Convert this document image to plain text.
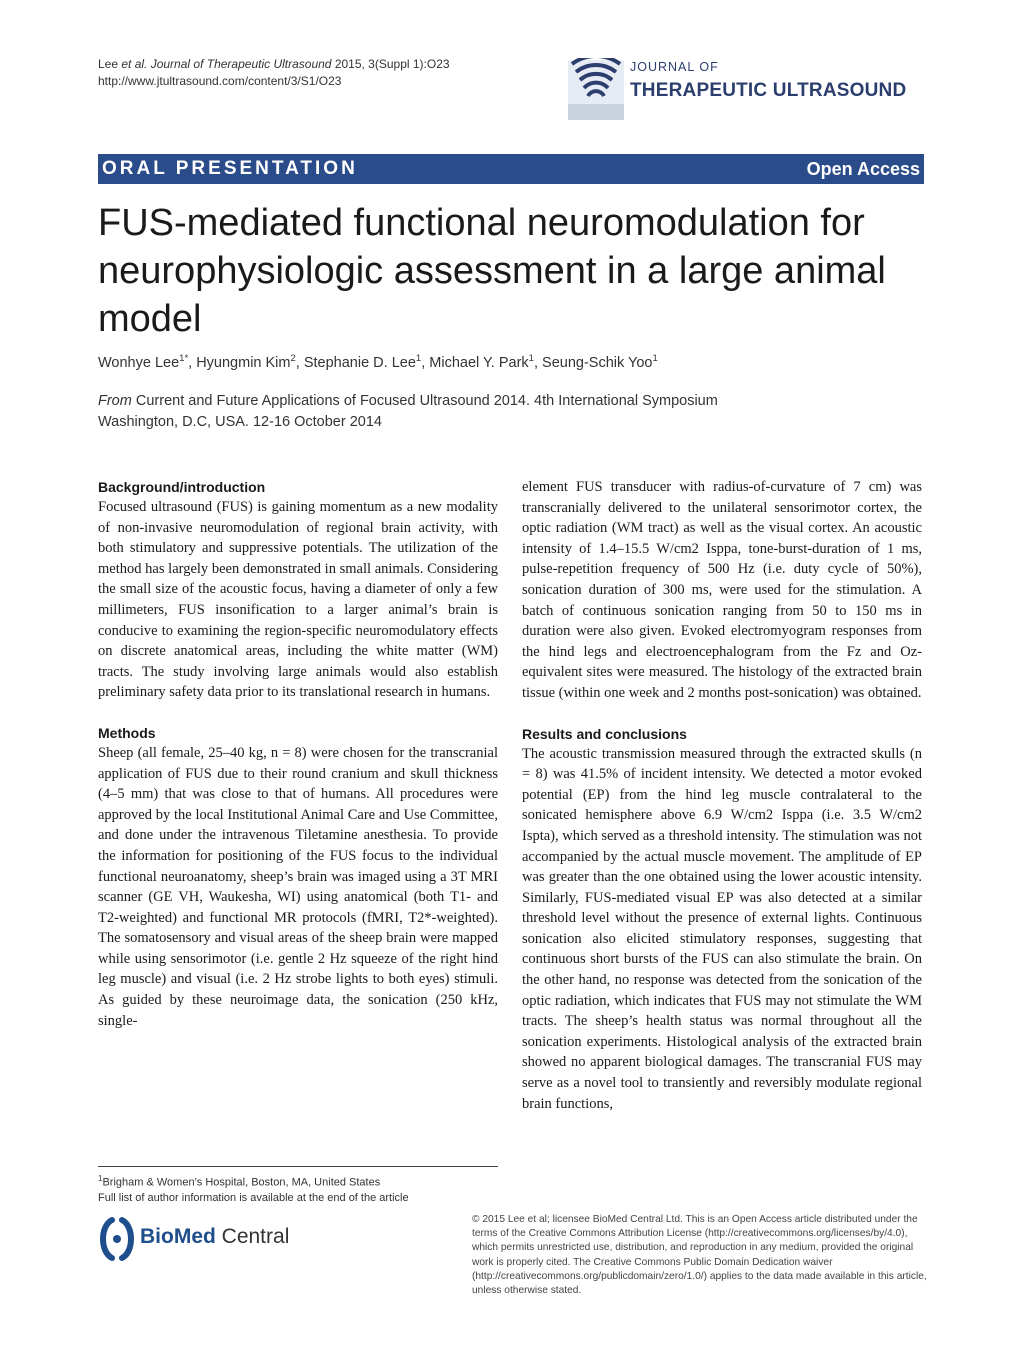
Lee et al. Journal of Therapeutic Ultrasound 2015, 3(Suppl 1):O23
http://www.jtultrasound.com/content/3/S1/O23
JOURNAL OF
THERAPEUTIC ULTRASOUND
ORAL PRESENTATION	Open Access
FUS-mediated functional neuromodulation for
neurophysiologic assessment in a large animal
model
Wonhye Lee$^{1*}$, Hyungmin Kim$^2$, Stephanie D. Lee$^1$, Michael Y. Park$^1$, Seung-Schik Yoo$^1$
From Current and Future Applications of Focused Ultrasound 2014. 4th International Symposium
Washington, D.C, USA. 12-16 October 2014
Background/introduction

Focused ultrasound (FUS) is gaining momentum as a new modality of non-invasive neuromodulation of regional brain activity, with both stimulatory and suppressive potentials. The utilization of the method has largely been demonstrated in small animals. Considering the small size of the acoustic focus, having a diameter of only a few millimeters, FUS insonification to a larger animal’s brain is conducive to examining the region-specific neuromodulatory effects on discrete anatomical areas, including the white matter (WM) tracts. The study involving large animals would also establish preliminary safety data prior to its translational research in humans.

Methods

Sheep (all female, 25–40 kg, n = 8) were chosen for the transcranial application of FUS due to their round cranium and skull thickness (4–5 mm) that was close to that of humans. All procedures were approved by the local Institutional Animal Care and Use Committee, and done under the intravenous Tiletamine anesthesia. To provide the information for positioning of the FUS focus to the individual functional neuroanatomy, sheep’s brain was imaged using a 3T MRI scanner (GE VH, Waukesha, WI) using anatomical (both T1- and T2-weighted) and functional MR protocols (fMRI, T2*-weighted). The somatosensory and visual areas of the sheep brain were mapped while using sensorimotor (i.e. gentle 2 Hz squeeze of the right hind leg muscle) and visual (i.e. 2 Hz strobe lights to both eyes) stimuli. As guided by these neuroimage data, the sonication (250 kHz, single-

element FUS transducer with radius-of-curvature of 7 cm) was transcranially delivered to the unilateral sensorimotor cortex, the optic radiation (WM tract) as well as the visual cortex. An acoustic intensity of 1.4–15.5 W/cm2 Isppa, tone-burst-duration of 1 ms, pulse-repetition frequency of 500 Hz (i.e. duty cycle of 50%), sonication duration of 300 ms, were used for the stimulation. A batch of continuous sonication ranging from 50 to 150 ms in duration were also given. Evoked electromyogram responses from the hind legs and electroencephalogram from the Fz and Oz-equivalent sites were measured. The histology of the extracted brain tissue (within one week and 2 months post-sonication) was obtained.

Results and conclusions

The acoustic transmission measured through the extracted skulls (n = 8) was 41.5% of incident intensity. We detected a motor evoked potential (EP) from the hind leg muscle contralateral to the sonicated hemisphere above 6.9 W/cm2 Isppa (i.e. 3.5 W/cm2 Ispta), which served as a threshold intensity. The stimulation was not accompanied by the actual muscle movement. The amplitude of EP was greater than the one obtained using the lower acoustic intensity. Similarly, FUS-mediated visual EP was also detected at a similar threshold level without the presence of external lights. Continuous sonication also elicited stimulatory responses, suggesting that continuous short bursts of the FUS can also stimulate the brain. On the other hand, no response was detected from the sonication of the optic radiation, which indicates that FUS may not stimulate the WM tracts. The sheep’s health status was normal throughout all the sonication experiments. Histological analysis of the extracted brain showed no apparent biological damages. The transcranial FUS may serve as a novel tool to transiently and reversibly modulate regional brain functions,

$^1$Brigham & Women’s Hospital, Boston, MA, United States
Full list of author information is available at the end of the article
BioMed Central
© 2015 Lee et al; licensee BioMed Central Ltd. This is an Open Access article distributed under the terms of the Creative Commons Attribution License (http://creativecommons.org/licenses/by/4.0), which permits unrestricted use, distribution, and reproduction in any medium, provided the original work is properly cited. The Creative Commons Public Domain Dedication waiver (http://creativecommons.org/publicdomain/zero/1.0/) applies to the data made available in this article, unless otherwise stated.
